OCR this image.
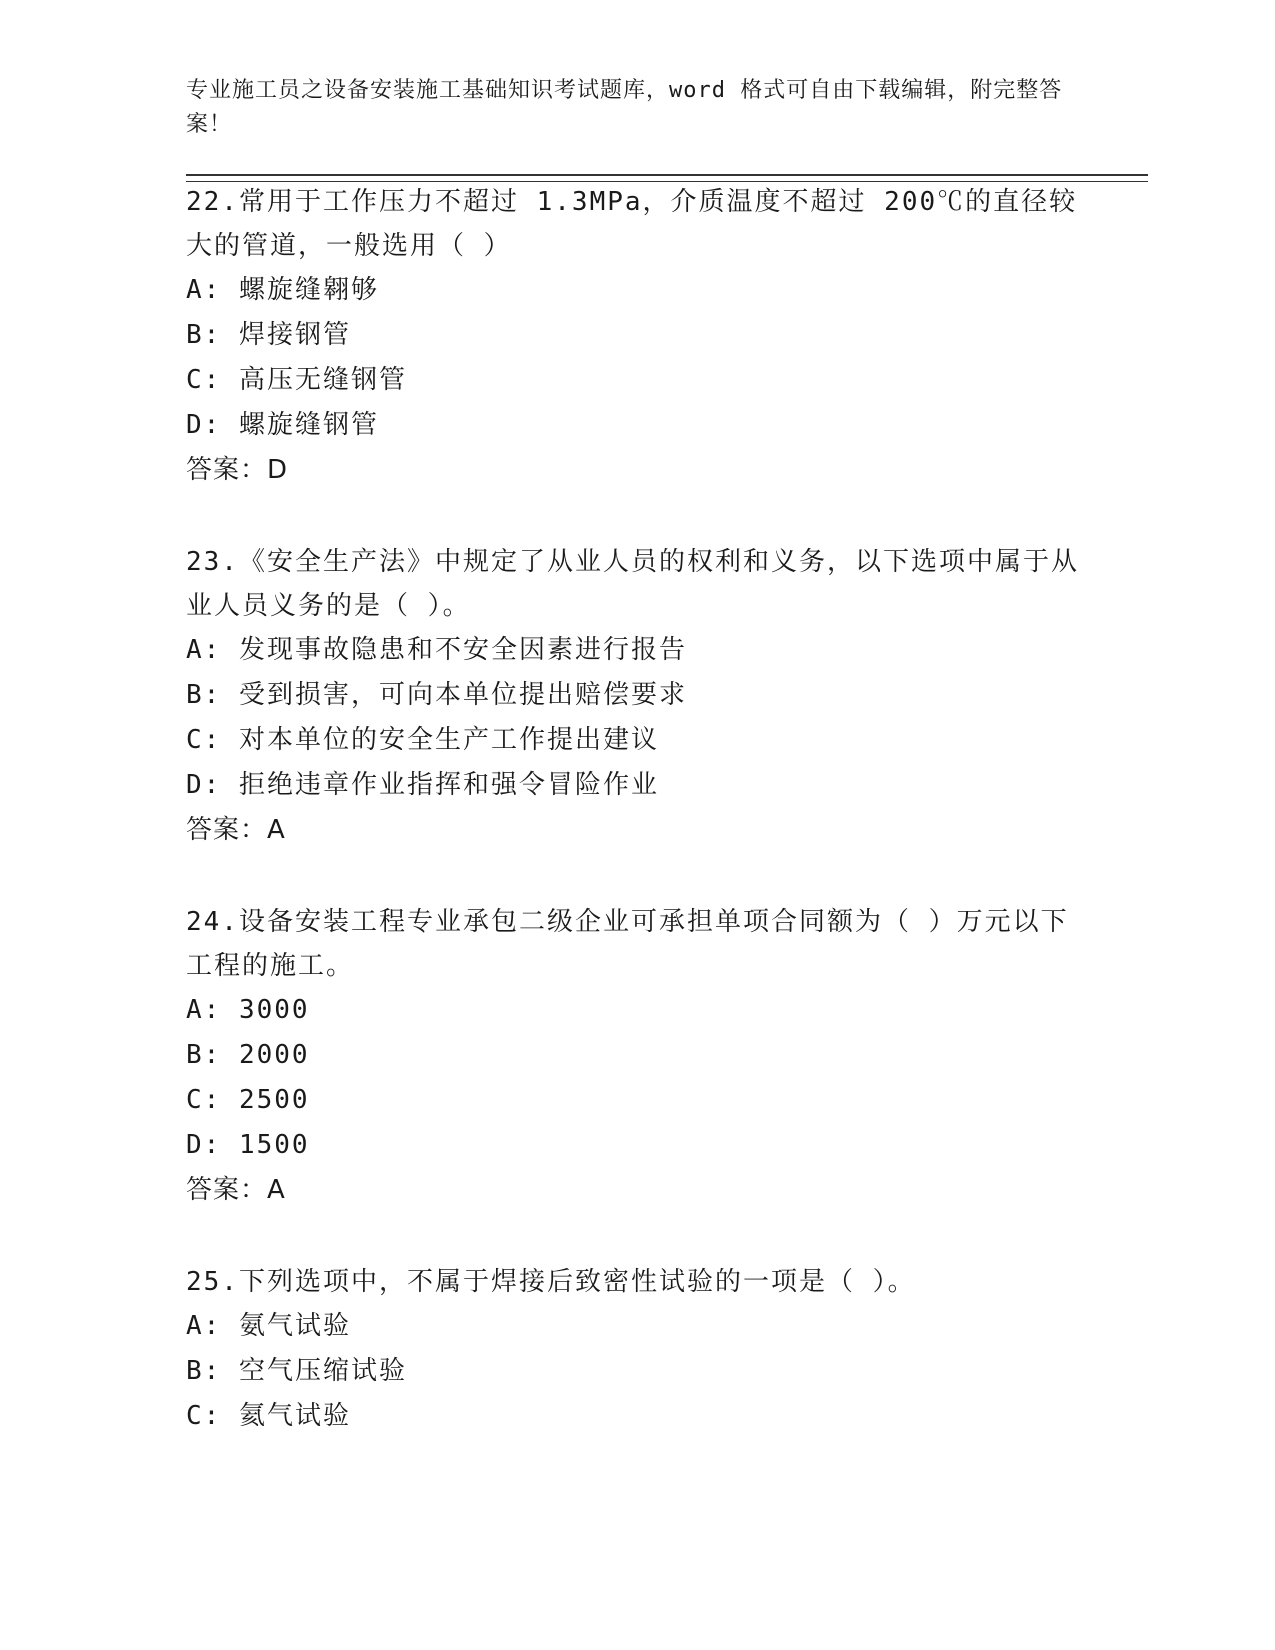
专业施工员之设备安装施工基础知识考试题库，word 格式可自由下载编辑，附完整答案！

22.常用于工作压力不超过 1.3MPa，介质温度不超过 200℃的直径较大的管道，一般选用（ ）

A: 螺旋缝翱够

B: 焊接钢管

C: 高压无缝钢管

D: 螺旋缝钢管

答案：D

23.《安全生产法》中规定了从业人员的权利和义务，以下选项中属于从业人员义务的是（ ）。

A: 发现事故隐患和不安全因素进行报告

B: 受到损害，可向本单位提出赔偿要求

C: 对本单位的安全生产工作提出建议

D: 拒绝违章作业指挥和强令冒险作业

答案：A

24.设备安装工程专业承包二级企业可承担单项合同额为（ ）万元以下工程的施工。

A: 3000

B: 2000

C: 2500

D: 1500

答案：A

25.下列选项中，不属于焊接后致密性试验的一项是（ ）。

A: 氨气试验

B: 空气压缩试验

C: 氦气试验
